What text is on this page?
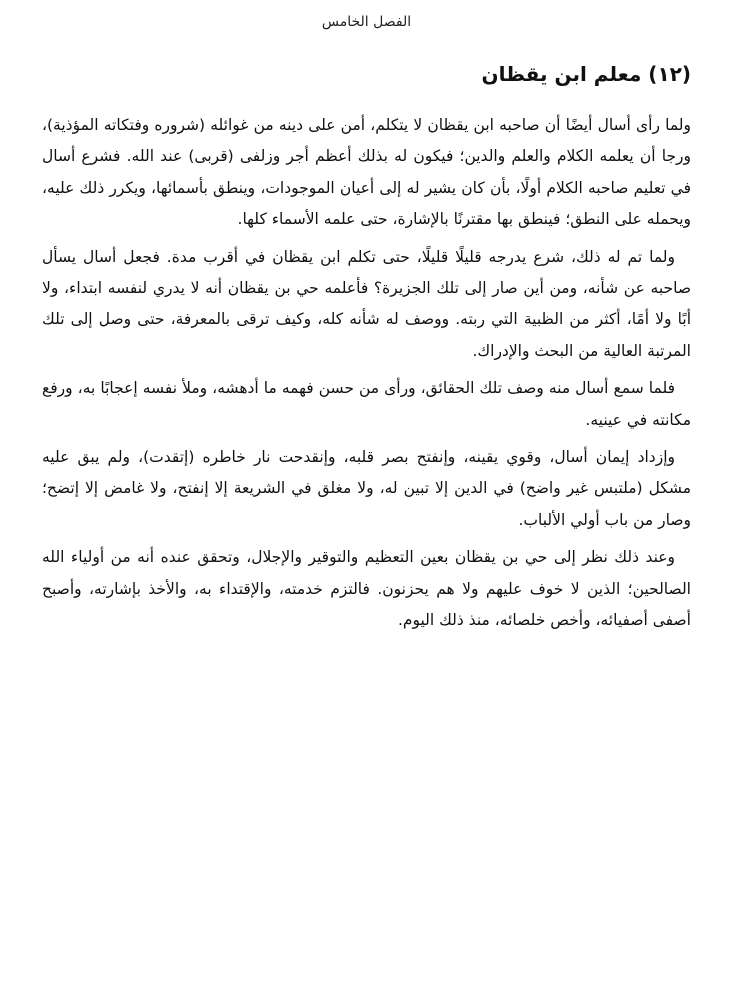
الفصل الخامس
(١٢) معلم ابن يقظان

ولما رأى أسال أيضًا أن صاحبه ابن يقظان لا يتكلم، أمن على دينه من غوائله (شروره وفتكاته المؤذية)، ورجا أن يعلمه الكلام والعلم والدين؛ فيكون له بذلك أعظم أجر وزلفى (قربى) عند الله. فشرع أسال في تعليم صاحبه الكلام أولًا، بأن كان يشير له إلى أعيان الموجودات، وينطق بأسمائها، ويكرر ذلك عليه، ويحمله على النطق؛ فينطق بها مقترنًا بالإشارة، حتى علمه الأسماء كلها.

ولما تم له ذلك، شرع يدرجه قليلًا قليلًا، حتى تكلم ابن يقظان في أقرب مدة. فجعل أسال يسأل صاحبه عن شأنه، ومن أين صار إلى تلك الجزيرة؟ فأعلمه حي بن يقظان أنه لا يدري لنفسه ابتداء، ولا أبًا ولا أمًا، أكثر من الظبية التي ربته. ووصف له شأنه كله، وكيف ترقى بالمعرفة، حتى وصل إلى تلك المرتبة العالية من البحث والإدراك.

فلما سمع أسال منه وصف تلك الحقائق، ورأى من حسن فهمه ما أدهشه، وملأ نفسه إعجابًا به، ورفع مكانته في عينيه.

وإزداد إيمان أسال، وقوي يقينه، وإنفتح بصر قلبه، وإنقدحت نار خاطره (إتقدت)، ولم يبق عليه مشكل (ملتبس غير واضح) في الدين إلا تبين له، ولا مغلق في الشريعة إلا إنفتح، ولا غامض إلا إتضح؛ وصار من باب أولي الألباب.

وعند ذلك نظر إلى حي بن يقظان بعين التعظيم والتوقير والإجلال، وتحقق عنده أنه من أولياء الله الصالحين؛ الذين لا خوف عليهم ولا هم يحزنون. فالتزم خدمته، والإقتداء به، والأخذ بإشارته، وأصبح أصفى أصفيائه، وأخص خلصائه، منذ ذلك اليوم.
